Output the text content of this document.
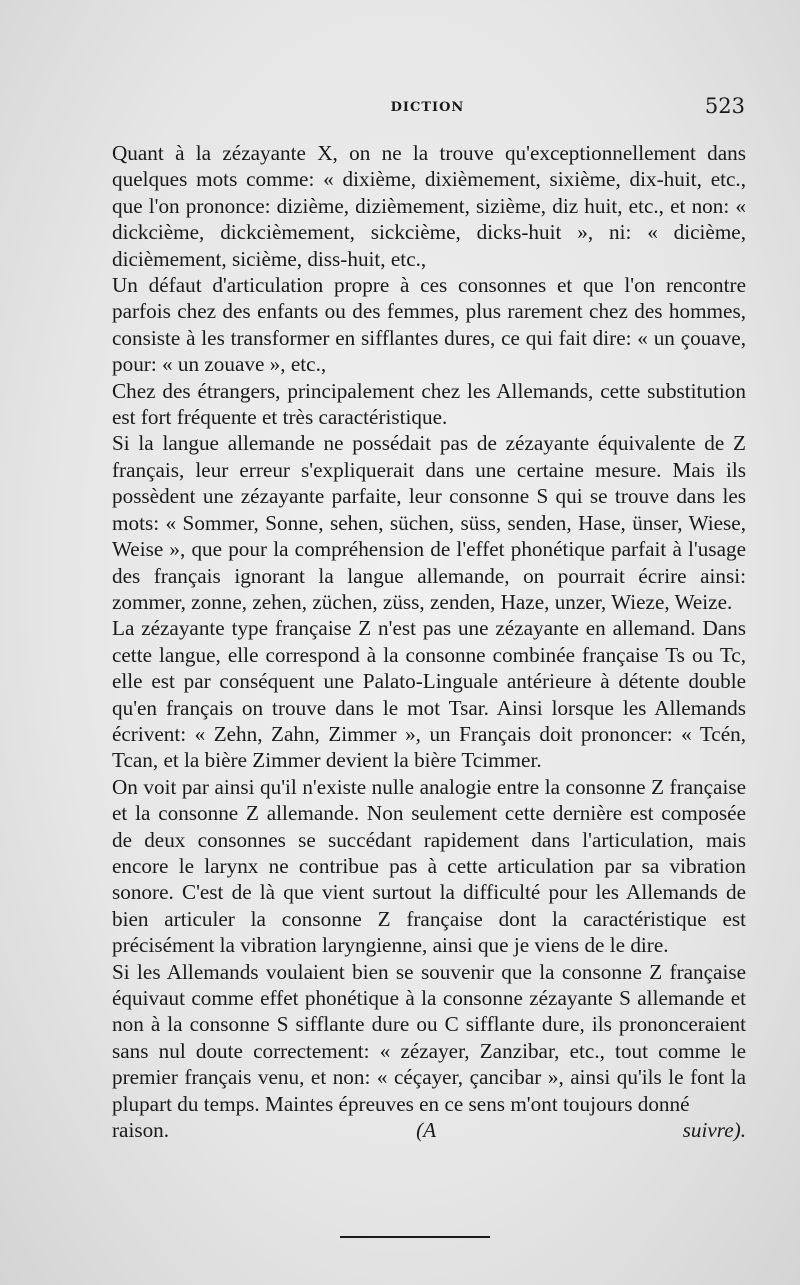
DICTION	523

Quant à la zézayante X, on ne la trouve qu'exceptionnellement dans quelques mots comme: « dixième, dixièmement, sixième, dix-huit, etc., que l'on prononce: dizième, dizièmement, sizième, diz huit, etc., et non: « dickcième, dickcièmement, sickcième, dicks-huit », ni: « dicième, dicièmement, sicième, diss-huit, etc.,

Un défaut d'articulation propre à ces consonnes et que l'on rencontre parfois chez des enfants ou des femmes, plus rarement chez des hommes, consiste à les transformer en sifflantes dures, ce qui fait dire: « un çouave, pour: « un zouave », etc.,

Chez des étrangers, principalement chez les Allemands, cette substitution est fort fréquente et très caractéristique.

Si la langue allemande ne possédait pas de zézayante équivalente de Z français, leur erreur s'expliquerait dans une certaine mesure. Mais ils possèdent une zézayante parfaite, leur consonne S qui se trouve dans les mots: « Sommer, Sonne, sehen, süchen, süss, senden, Hase, ünser, Wiese, Weise », que pour la compréhension de l'effet phonétique parfait à l'usage des français ignorant la langue allemande, on pourrait écrire ainsi: zommer, zonne, zehen, züchen, züss, zenden, Haze, unzer, Wieze, Weize.

La zézayante type française Z n'est pas une zézayante en allemand. Dans cette langue, elle correspond à la consonne combinée française Ts ou Tc, elle est par conséquent une Palato-Linguale antérieure à détente double qu'en français on trouve dans le mot Tsar. Ainsi lorsque les Allemands écrivent: « Zehn, Zahn, Zimmer », un Français doit prononcer: « Tcén, Tcan, et la bière Zimmer devient la bière Tcimmer.

On voit par ainsi qu'il n'existe nulle analogie entre la consonne Z française et la consonne Z allemande. Non seulement cette dernière est composée de deux consonnes se succédant rapidement dans l'articulation, mais encore le larynx ne contribue pas à cette articulation par sa vibration sonore. C'est de là que vient surtout la difficulté pour les Allemands de bien articuler la consonne Z française dont la caractéristique est précisément la vibration laryngienne, ainsi que je viens de le dire.

Si les Allemands voulaient bien se souvenir que la consonne Z française équivaut comme effet phonétique à la consonne zézayante S allemande et non à la consonne S sifflante dure ou C sifflante dure, ils prononceraient sans nul doute correctement: « zézayer, Zanzibar, etc., tout comme le premier français venu, et non: « céçayer, çancibar », ainsi qu'ils le font la plupart du temps. Maintes épreuves en ce sens m'ont toujours donné

raison.	(A suivre).
